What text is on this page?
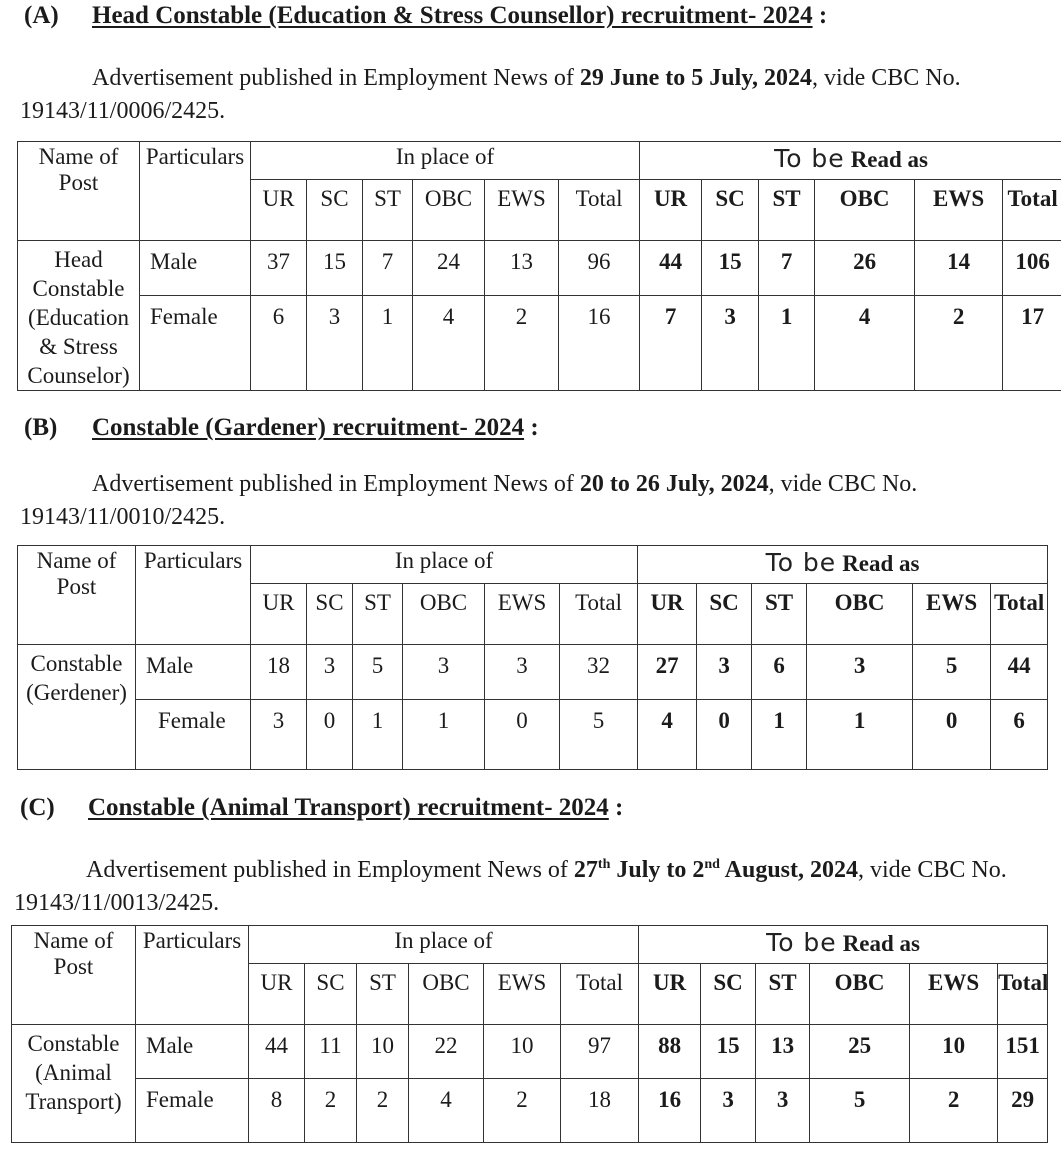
(A) Head Constable (Education & Stress Counsellor) recruitment- 2024 :
Advertisement published in Employment News of 29 June to 5 July, 2024, vide CBC No. 19143/11/0006/2425.
Name of Post	Particulars	In place of						To be Read as					
		UR	SC	ST	OBC	EWS	Total	UR	SC	ST	OBC	EWS	Total
Head Constable (Education & Stress Counselor)	Male	37	15	7	24	13	96	44	15	7	26	14	106
	Female	6	3	1	4	2	16	7	3	1	4	2	17
(B) Constable (Gardener) recruitment- 2024 :
Advertisement published in Employment News of 20 to 26 July, 2024, vide CBC No. 19143/11/0010/2425.
Name of Post	Particulars	In place of						To be Read as					
		UR	SC	ST	OBC	EWS	Total	UR	SC	ST	OBC	EWS	Total
Constable (Gerdener)	Male	18	3	5	3	3	32	27	3	6	3	5	44
	Female	3	0	1	1	0	5	4	0	1	1	0	6
(C) Constable (Animal Transport) recruitment- 2024 :
Advertisement published in Employment News of 27th July to 2nd August, 2024, vide CBC No. 19143/11/0013/2425.
Name of Post	Particulars	In place of						To be Read as					
		UR	SC	ST	OBC	EWS	Total	UR	SC	ST	OBC	EWS	Total
Constable (Animal Transport)	Male	44	11	10	22	10	97	88	15	13	25	10	151
	Female	8	2	2	4	2	18	16	3	3	5	2	29
